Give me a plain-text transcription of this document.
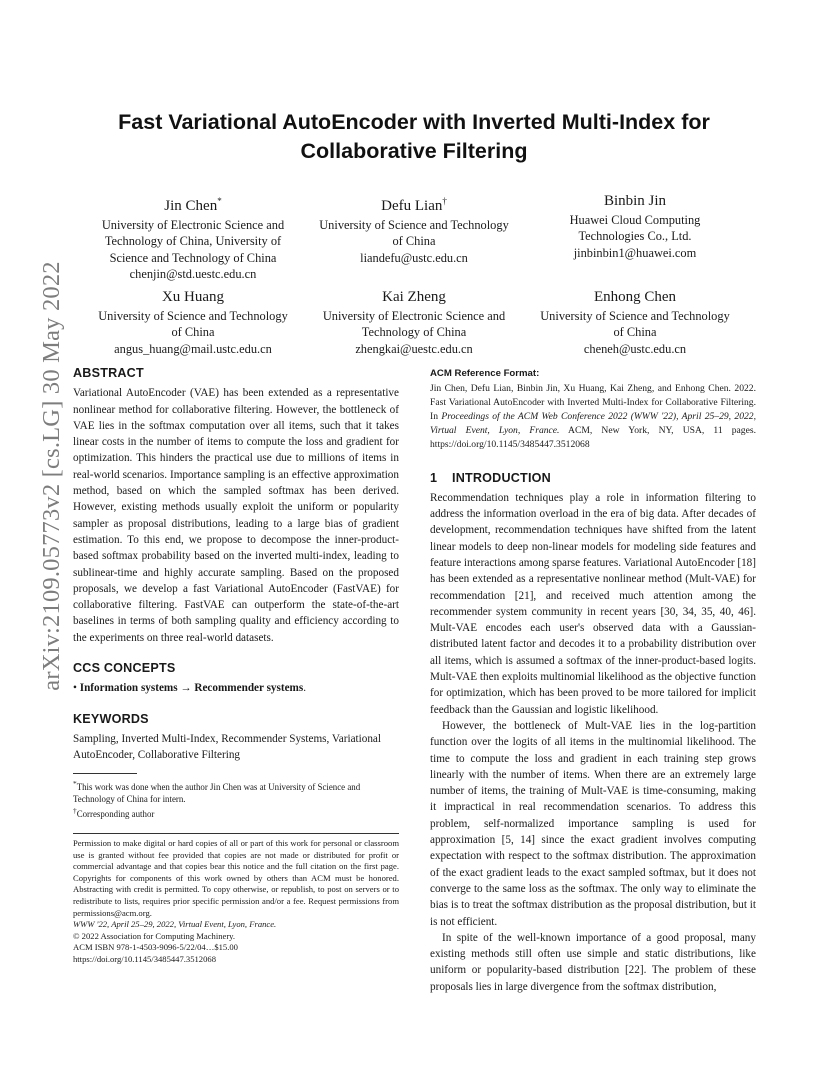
arXiv:2109.05773v2 [cs.LG] 30 May 2022
Fast Variational AutoEncoder with Inverted Multi-Index for Collaborative Filtering
Jin Chen*
University of Electronic Science and
Technology of China, University of
Science and Technology of China
chenjin@std.uestc.edu.cn
Defu Lian†
University of Science and Technology
of China
liandefu@ustc.edu.cn
Binbin Jin
Huawei Cloud Computing
Technologies Co., Ltd.
jinbinbin1@huawei.com
Xu Huang
University of Science and Technology
of China
angus_huang@mail.ustc.edu.cn
Kai Zheng
University of Electronic Science and
Technology of China
zhengkai@uestc.edu.cn
Enhong Chen
University of Science and Technology
of China
cheneh@ustc.edu.cn
ABSTRACT

Variational AutoEncoder (VAE) has been extended as a representative nonlinear method for collaborative filtering. However, the bottleneck of VAE lies in the softmax computation over all items, such that it takes linear costs in the number of items to compute the loss and gradient for optimization. This hinders the practical use due to millions of items in real-world scenarios. Importance sampling is an effective approximation method, based on which the sampled softmax has been derived. However, existing methods usually exploit the uniform or popularity sampler as proposal distributions, leading to a large bias of gradient estimation. To this end, we propose to decompose the inner-product-based softmax probability based on the inverted multi-index, leading to sublinear-time and highly accurate sampling. Based on the proposed proposals, we develop a fast Variational AutoEncoder (FastVAE) for collaborative filtering. FastVAE can outperform the state-of-the-art baselines in terms of both sampling quality and efficiency according to the experiments on three real-world datasets.

CCS CONCEPTS

• Information systems → Recommender systems.

KEYWORDS

Sampling, Inverted Multi-Index, Recommender Systems, Variational AutoEncoder, Collaborative Filtering

*This work was done when the author Jin Chen was at University of Science and Technology of China for intern.
†Corresponding author
Permission to make digital or hard copies of all or part of this work for personal or classroom use is granted without fee provided that copies are not made or distributed for profit or commercial advantage and that copies bear this notice and the full citation on the first page. Copyrights for components of this work owned by others than ACM must be honored. Abstracting with credit is permitted. To copy otherwise, or republish, to post on servers or to redistribute to lists, requires prior specific permission and/or a fee. Request permissions from permissions@acm.org.
WWW '22, April 25–29, 2022, Virtual Event, Lyon, France.
© 2022 Association for Computing Machinery.
ACM ISBN 978-1-4503-9096-5/22/04…$15.00
https://doi.org/10.1145/3485447.3512068
ACM Reference Format:

Jin Chen, Defu Lian, Binbin Jin, Xu Huang, Kai Zheng, and Enhong Chen. 2022. Fast Variational AutoEncoder with Inverted Multi-Index for Collaborative Filtering. In Proceedings of the ACM Web Conference 2022 (WWW '22), April 25–29, 2022, Virtual Event, Lyon, France. ACM, New York, NY, USA, 11 pages. https://doi.org/10.1145/3485447.3512068

1 INTRODUCTION

Recommendation techniques play a role in information filtering to address the information overload in the era of big data. After decades of development, recommendation techniques have shifted from the latent linear models to deep non-linear models for modeling side features and feature interactions among sparse features. Variational AutoEncoder [18] has been extended as a representative nonlinear method (Mult-VAE) for recommendation [21], and received much attention among the recommender system community in recent years [30, 34, 35, 40, 46]. Mult-VAE encodes each user's observed data with a Gaussian-distributed latent factor and decodes it to a probability distribution over all items, which is assumed a softmax of the inner-product-based logits. Mult-VAE then exploits multinomial likelihood as the objective function for optimization, which has been proved to be more tailored for implicit feedback than the Gaussian and logistic likelihood.

However, the bottleneck of Mult-VAE lies in the log-partition function over the logits of all items in the multinomial likelihood. The time to compute the loss and gradient in each training step grows linearly with the number of items. When there are an extremely large number of items, the training of Mult-VAE is time-consuming, making it impractical in real recommendation scenarios. To address this problem, self-normalized importance sampling is used for approximation [5, 14] since the exact gradient involves computing expectation with respect to the softmax distribution. The approximation of the exact gradient leads to the exact sampled softmax, but it does not converge to the same loss as the softmax. The only way to eliminate the bias is to treat the softmax distribution as the proposal distribution, but it is not efficient.

In spite of the well-known importance of a good proposal, many existing methods still often use simple and static distributions, like uniform or popularity-based distribution [22]. The problem of these proposals lies in large divergence from the softmax distribution,
